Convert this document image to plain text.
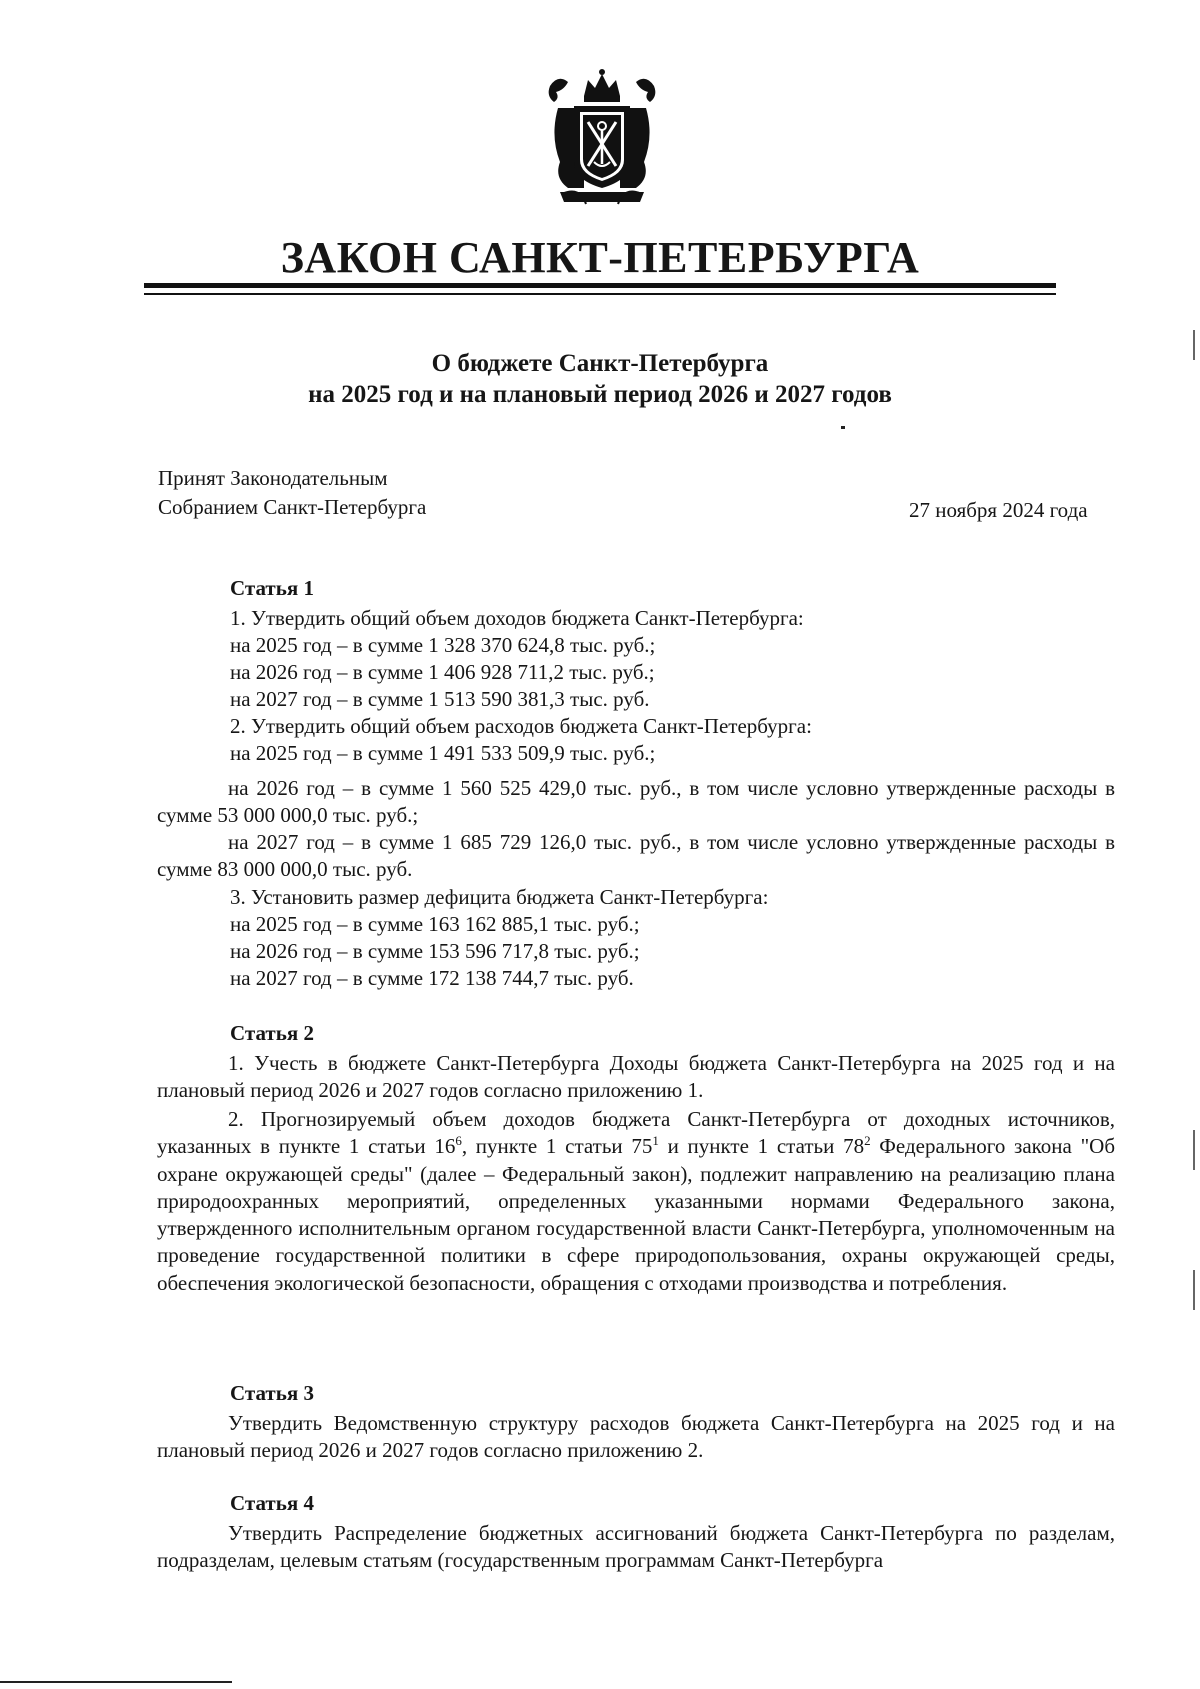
ЗАКОН САНКТ-ПЕТЕРБУРГА
О бюджете Санкт-Петербурга
на 2025 год и на плановый период 2026 и 2027 годов
Принят Законодательным
Собранием Санкт-Петербурга	27 ноября 2024 года
Статья 1
1. Утвердить общий объем доходов бюджета Санкт-Петербурга:
на 2025 год – в сумме 1 328 370 624,8 тыс. руб.;
на 2026 год – в сумме 1 406 928 711,2 тыс. руб.;
на 2027 год – в сумме 1 513 590 381,3 тыс. руб.
2. Утвердить общий объем расходов бюджета Санкт-Петербурга:
на 2025 год – в сумме 1 491 533 509,9 тыс. руб.;
на 2026 год – в сумме 1 560 525 429,0 тыс. руб., в том числе условно утвержденные расходы в сумме 53 000 000,0 тыс. руб.;
на 2027 год – в сумме 1 685 729 126,0 тыс. руб., в том числе условно утвержденные расходы в сумме 83 000 000,0 тыс. руб.
3. Установить размер дефицита бюджета Санкт-Петербурга:
на 2025 год – в сумме 163 162 885,1 тыс. руб.;
на 2026 год – в сумме 153 596 717,8 тыс. руб.;
на 2027 год – в сумме 172 138 744,7 тыс. руб.
Статья 2
1. Учесть в бюджете Санкт-Петербурга Доходы бюджета Санкт-Петербурга на 2025 год и на плановый период 2026 и 2027 годов согласно приложению 1.
2. Прогнозируемый объем доходов бюджета Санкт-Петербурга от доходных источников, указанных в пункте 1 статьи $16^6$, пункте 1 статьи $75^1$ и пункте 1 статьи $78^2$ Федерального закона "Об охране окружающей среды" (далее – Федеральный закон), подлежит направлению на реализацию плана природоохранных мероприятий, определенных указанными нормами Федерального закона, утвержденного исполнительным органом государственной власти Санкт-Петербурга, уполномоченным на проведение государственной политики в сфере природопользования, охраны окружающей среды, обеспечения экологической безопасности, обращения с отходами производства и потребления.
Статья 3
Утвердить Ведомственную структуру расходов бюджета Санкт-Петербурга на 2025 год и на плановый период 2026 и 2027 годов согласно приложению 2.
Статья 4
Утвердить Распределение бюджетных ассигнований бюджета Санкт-Петербурга по разделам, подразделам, целевым статьям (государственным программам Санкт-Петербурга
